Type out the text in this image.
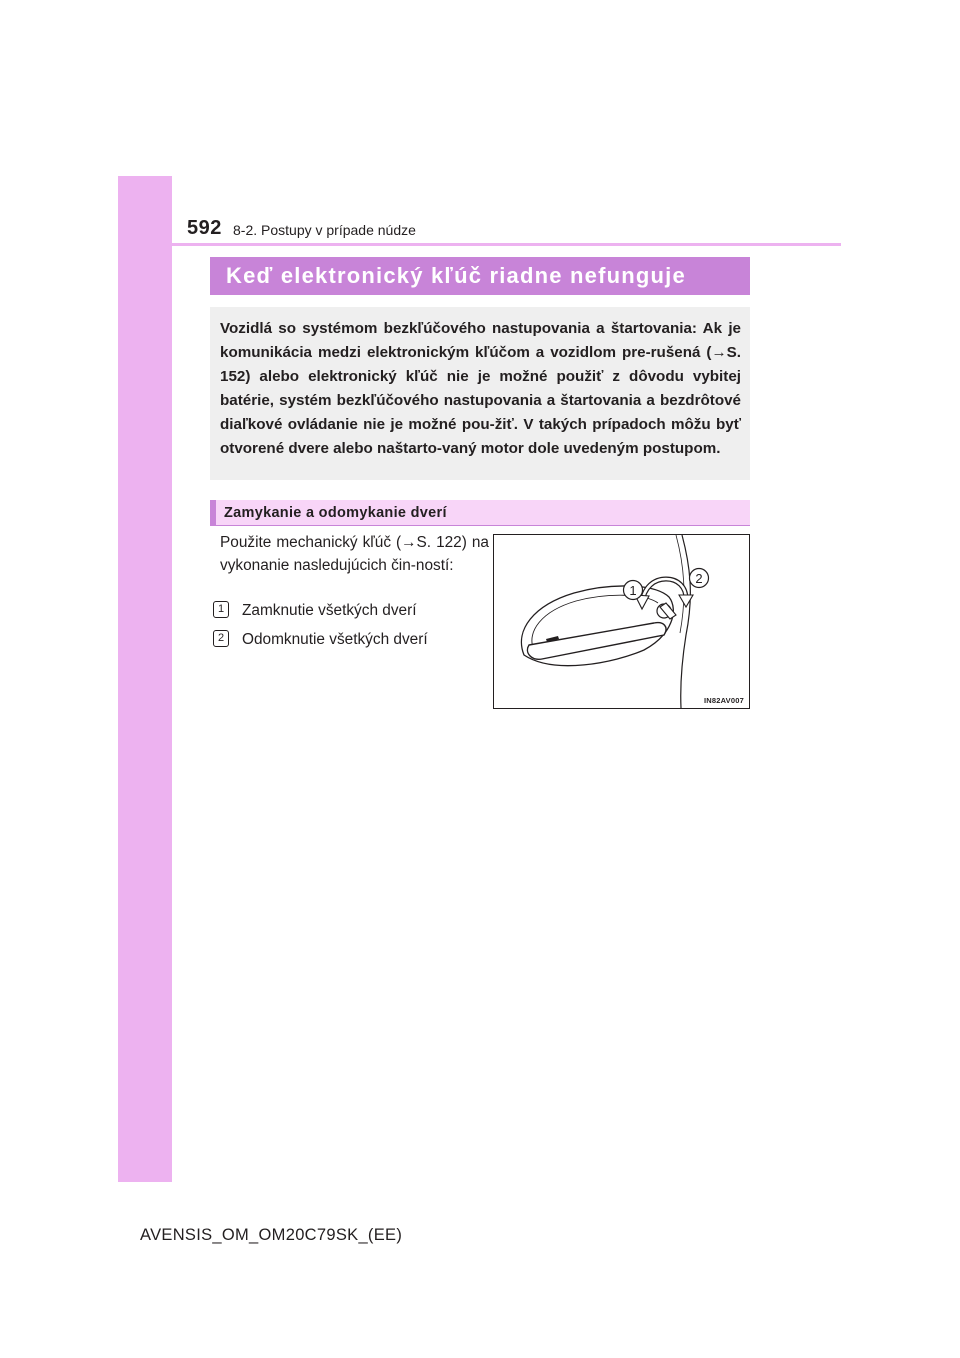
592 8-2. Postupy v prípade núdze
Keď elektronický kľúč riadne nefunguje
Vozidlá so systémom bezkľúčového nastupovania a štartovania: Ak je komunikácia medzi elektronickým kľúčom a vozidlom pre-rušená (→S. 152) alebo elektronický kľúč nie je možné použiť z dôvodu vybitej batérie, systém bezkľúčového nastupovania a štartovania a bezdrôtové diaľkové ovládanie nie je možné pou-žiť. V takých prípadoch môžu byť otvorené dvere alebo naštarto-vaný motor dole uvedeným postupom.
Zamykanie a odomykanie dverí
Použite mechanický kľúč (→S. 122) na vykonanie nasledujúcich čin-ností:
1 Zamknutie všetkých dverí
2 Odomknutie všetkých dverí
1
2
IN82AV007
AVENSIS_OM_OM20C79SK_(EE)
